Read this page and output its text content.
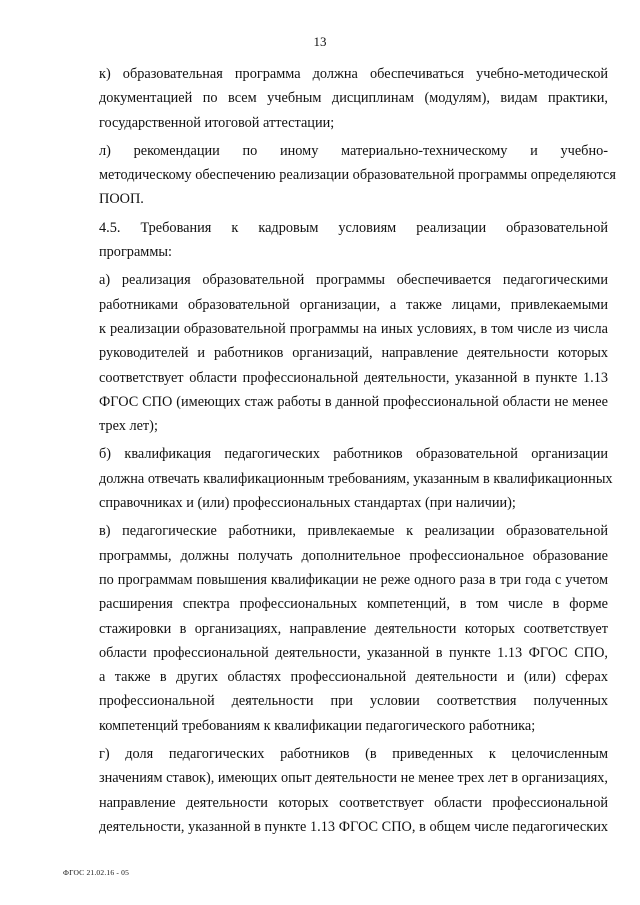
13
к) образовательная программа должна обеспечиваться учебно-методической
документацией по всем учебным дисциплинам (модулям), видам практики,
государственной итоговой аттестации;
л) рекомендации по иному материально-техническому и учебно-
методическому обеспечению реализации образовательной программы определяются
ПООП.
4.5. Требования к кадровым условиям реализации образовательной
программы:
а) реализация образовательной программы обеспечивается педагогическими
работниками образовательной организации, а также лицами, привлекаемыми
к реализации образовательной программы на иных условиях, в том числе из числа
руководителей и работников организаций, направление деятельности которых
соответствует области профессиональной деятельности, указанной в пункте 1.13
ФГОС СПО (имеющих стаж работы в данной профессиональной области не менее
трех лет);
б) квалификация педагогических работников образовательной организации
должна отвечать квалификационным требованиям, указанным в квалификационных
справочниках и (или) профессиональных стандартах (при наличии);
в) педагогические работники, привлекаемые к реализации образовательной
программы, должны получать дополнительное профессиональное образование
по программам повышения квалификации не реже одного раза в три года с учетом
расширения спектра профессиональных компетенций, в том числе в форме
стажировки в организациях, направление деятельности которых соответствует
области профессиональной деятельности, указанной в пункте 1.13 ФГОС СПО,
а также в других областях профессиональной деятельности и (или) сферах
профессиональной деятельности при условии соответствия полученных
компетенций требованиям к квалификации педагогического работника;
г) доля педагогических работников (в приведенных к целочисленным
значениям ставок), имеющих опыт деятельности не менее трех лет в организациях,
направление деятельности которых соответствует области профессиональной
деятельности, указанной в пункте 1.13 ФГОС СПО, в общем числе педагогических
ФГОС 21.02.16 - 05
